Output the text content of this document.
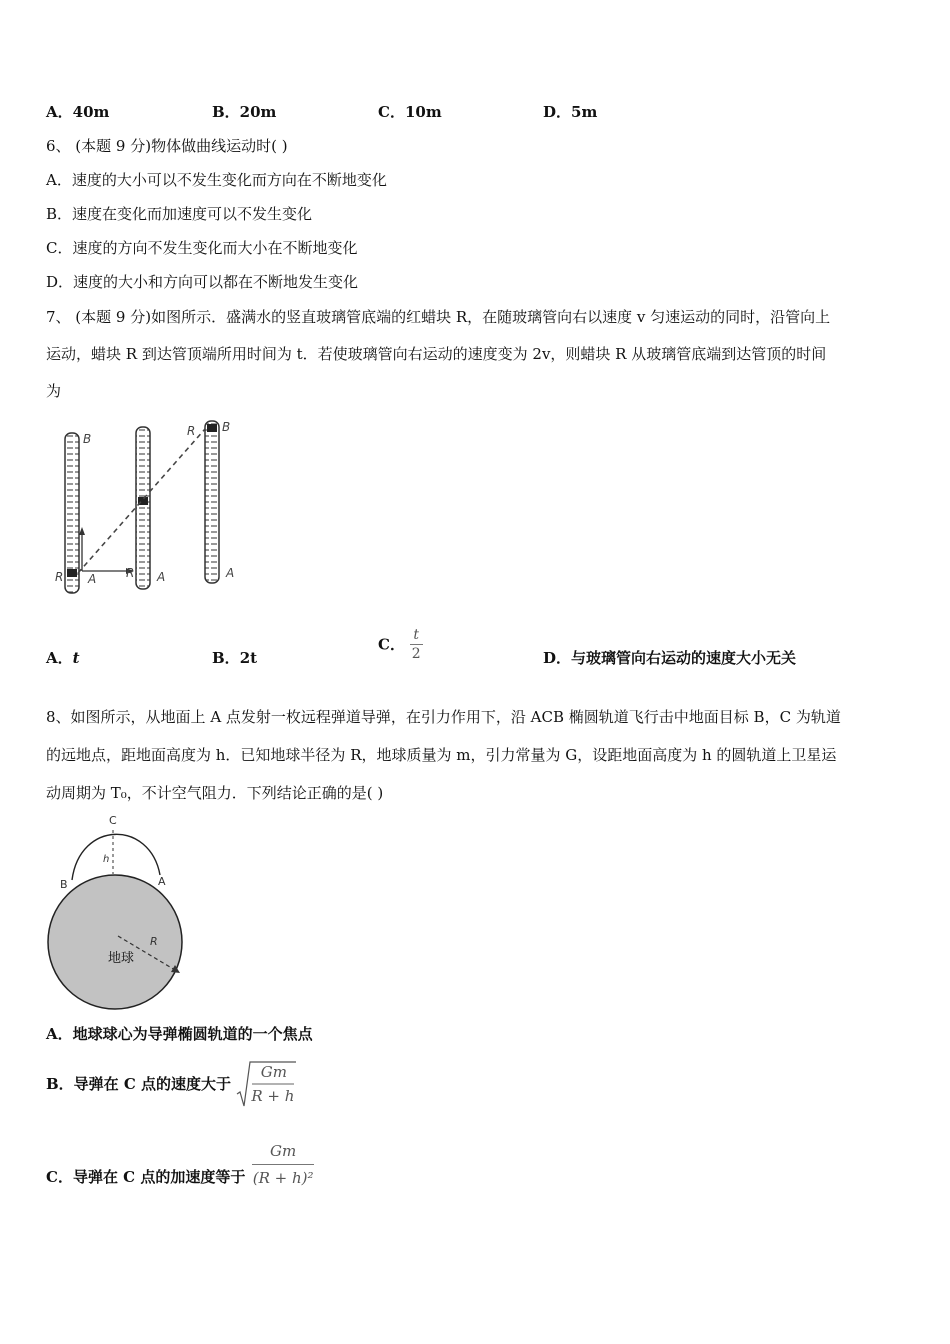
A．40m	B．20m	C．10m	D．5m
6、 (本题 9 分)物体做曲线运动时( )
A．速度的大小可以不发生变化而方向在不断地变化
B．速度在变化而加速度可以不发生变化
C．速度的方向不发生变化而大小在不断地变化
D．速度的大小和方向可以都在不断地发生变化
7、 (本题 9 分)如图所示．盛满水的竖直玻璃管底端的红蜡块 R，在随玻璃管向右以速度 v 匀速运动的同时，沿管向上
运动，蜡块 R 到达管顶端所用时间为 t．若使玻璃管向右运动的速度变为 2v，则蜡块 R 从玻璃管底端到达管顶的时间
为
B
R A R A
R B
A
A．t	B．2t
C． $\frac{t}{2}$	D．与玻璃管向右运动的速度大小无关
8、如图所示，从地面上 A 点发射一枚远程弹道导弹，在引力作用下，沿 ACB 椭圆轨道飞行击中地面目标 B，C 为轨道
的远地点，距地面高度为 h．已知地球半径为 R，地球质量为 m，引力常量为 G，设距地面高度为 h 的圆轨道上卫星运
动周期为 T₀，不计空气阻力．下列结论正确的是( )
C
h
B	A
R
地球
A．地球球心为导弹椭圆轨道的一个焦点
B．导弹在 C 点的速度大于
Gm
R + h
C．导弹在 C 点的加速度等于 $\frac{Gm}{\text{(R + h)²}}$
